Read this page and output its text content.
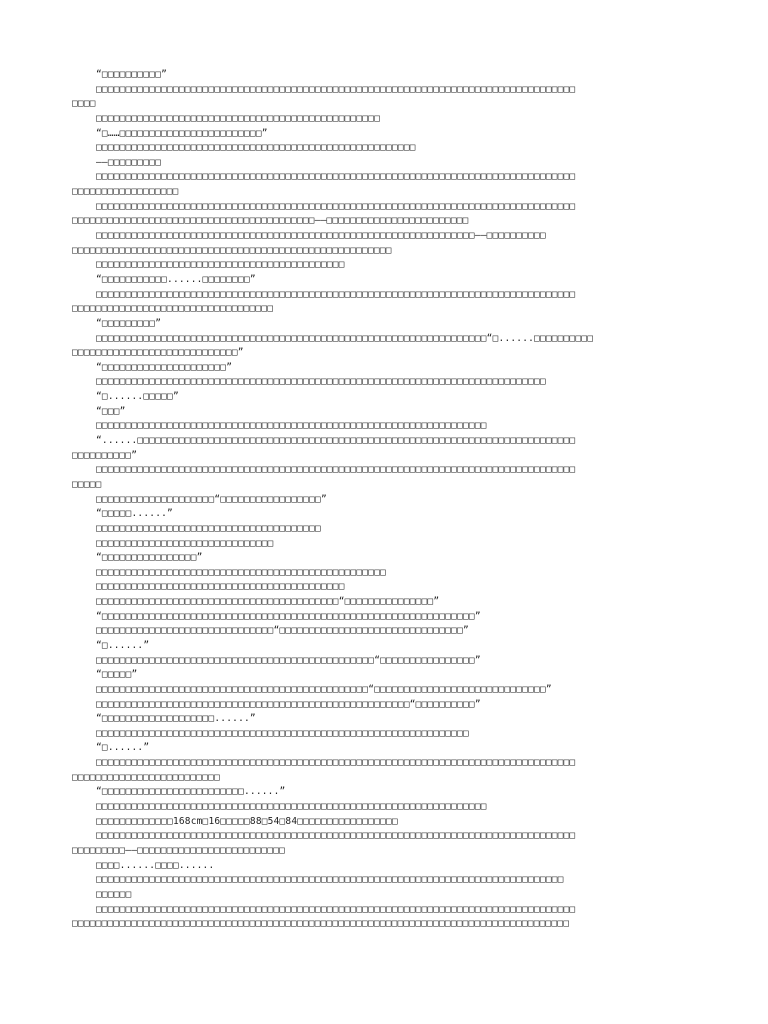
“□□□□□□□□□□”
□□□□□□□□□□□□□□□□□□□□□□□□□□□□□□□□□□□□□□□□□□□□□□□□□□□□□□□□□□□□□□□□□□□□□□□□□□□□□□□□□
□□□□
□□□□□□□□□□□□□□□□□□□□□□□□□□□□□□□□□□□□□□□□□□□□□□□□
“□……□□□□□□□□□□□□□□□□□□□□□□□□”
□□□□□□□□□□□□□□□□□□□□□□□□□□□□□□□□□□□□□□□□□□□□□□□□□□□□□□
——□□□□□□□□□
□□□□□□□□□□□□□□□□□□□□□□□□□□□□□□□□□□□□□□□□□□□□□□□□□□□□□□□□□□□□□□□□□□□□□□□□□□□□□□□□□
□□□□□□□□□□□□□□□□□□
□□□□□□□□□□□□□□□□□□□□□□□□□□□□□□□□□□□□□□□□□□□□□□□□□□□□□□□□□□□□□□□□□□□□□□□□□□□□□□□□□
□□□□□□□□□□□□□□□□□□□□□□□□□□□□□□□□□□□□□□□□□——□□□□□□□□□□□□□□□□□□□□□□□□
□□□□□□□□□□□□□□□□□□□□□□□□□□□□□□□□□□□□□□□□□□□□□□□□□□□□□□□□□□□□□□□□——□□□□□□□□□□
□□□□□□□□□□□□□□□□□□□□□□□□□□□□□□□□□□□□□□□□□□□□□□□□□□□□□□
□□□□□□□□□□□□□□□□□□□□□□□□□□□□□□□□□□□□□□□□□□
“□□□□□□□□□□□......□□□□□□□□”
□□□□□□□□□□□□□□□□□□□□□□□□□□□□□□□□□□□□□□□□□□□□□□□□□□□□□□□□□□□□□□□□□□□□□□□□□□□□□□□□□
□□□□□□□□□□□□□□□□□□□□□□□□□□□□□□□□□□
“□□□□□□□□□”
□□□□□□□□□□□□□□□□□□□□□□□□□□□□□□□□□□□□□□□□□□□□□□□□□□□□□□□□□□□□□□□□□□“□......□□□□□□□□□□
□□□□□□□□□□□□□□□□□□□□□□□□□□□□”
“□□□□□□□□□□□□□□□□□□□□□”
□□□□□□□□□□□□□□□□□□□□□□□□□□□□□□□□□□□□□□□□□□□□□□□□□□□□□□□□□□□□□□□□□□□□□□□□□□□□
“□......□□□□□”
“□□□”
□□□□□□□□□□□□□□□□□□□□□□□□□□□□□□□□□□□□□□□□□□□□□□□□□□□□□□□□□□□□□□□□□□
“......□□□□□□□□□□□□□□□□□□□□□□□□□□□□□□□□□□□□□□□□□□□□□□□□□□□□□□□□□□□□□□□□□□□□□□□□□□
□□□□□□□□□□”
□□□□□□□□□□□□□□□□□□□□□□□□□□□□□□□□□□□□□□□□□□□□□□□□□□□□□□□□□□□□□□□□□□□□□□□□□□□□□□□□□
□□□□□
□□□□□□□□□□□□□□□□□□□□“□□□□□□□□□□□□□□□□□”
“□□□□□......”
□□□□□□□□□□□□□□□□□□□□□□□□□□□□□□□□□□□□□□
□□□□□□□□□□□□□□□□□□□□□□□□□□□□□□
“□□□□□□□□□□□□□□□□”
□□□□□□□□□□□□□□□□□□□□□□□□□□□□□□□□□□□□□□□□□□□□□□□□□
□□□□□□□□□□□□□□□□□□□□□□□□□□□□□□□□□□□□□□□□□□
□□□□□□□□□□□□□□□□□□□□□□□□□□□□□□□□□□□□□□□□□“□□□□□□□□□□□□□□□”
“□□□□□□□□□□□□□□□□□□□□□□□□□□□□□□□□□□□□□□□□□□□□□□□□□□□□□□□□□□□□□□□”
□□□□□□□□□□□□□□□□□□□□□□□□□□□□□□“□□□□□□□□□□□□□□□□□□□□□□□□□□□□□□□”
“□......”
□□□□□□□□□□□□□□□□□□□□□□□□□□□□□□□□□□□□□□□□□□□□□□□“□□□□□□□□□□□□□□□□”
“□□□□□”
□□□□□□□□□□□□□□□□□□□□□□□□□□□□□□□□□□□□□□□□□□□□□□“□□□□□□□□□□□□□□□□□□□□□□□□□□□□□”
□□□□□□□□□□□□□□□□□□□□□□□□□□□□□□□□□□□□□□□□□□□□□□□□□□□□□“□□□□□□□□□□”
“□□□□□□□□□□□□□□□□□□□......”
□□□□□□□□□□□□□□□□□□□□□□□□□□□□□□□□□□□□□□□□□□□□□□□□□□□□□□□□□□□□□□□
“□......”
□□□□□□□□□□□□□□□□□□□□□□□□□□□□□□□□□□□□□□□□□□□□□□□□□□□□□□□□□□□□□□□□□□□□□□□□□□□□□□□□□
□□□□□□□□□□□□□□□□□□□□□□□□□
“□□□□□□□□□□□□□□□□□□□□□□□□......”
□□□□□□□□□□□□□□□□□□□□□□□□□□□□□□□□□□□□□□□□□□□□□□□□□□□□□□□□□□□□□□□□□□
□□□□□□□□□□□□□168cm□16□□□□□88□54□84□□□□□□□□□□□□□□□□□
□□□□□□□□□□□□□□□□□□□□□□□□□□□□□□□□□□□□□□□□□□□□□□□□□□□□□□□□□□□□□□□□□□□□□□□□□□□□□□□□□
□□□□□□□□□——□□□□□□□□□□□□□□□□□□□□□□□□□
□□□□......□□□□......
□□□□□□□□□□□□□□□□□□□□□□□□□□□□□□□□□□□□□□□□□□□□□□□□□□□□□□□□□□□□□□□□□□□□□□□□□□□□□□□
□□□□□□
□□□□□□□□□□□□□□□□□□□□□□□□□□□□□□□□□□□□□□□□□□□□□□□□□□□□□□□□□□□□□□□□□□□□□□□□□□□□□□□□□
□□□□□□□□□□□□□□□□□□□□□□□□□□□□□□□□□□□□□□□□□□□□□□□□□□□□□□□□□□□□□□□□□□□□□□□□□□□□□□□□□□□□
